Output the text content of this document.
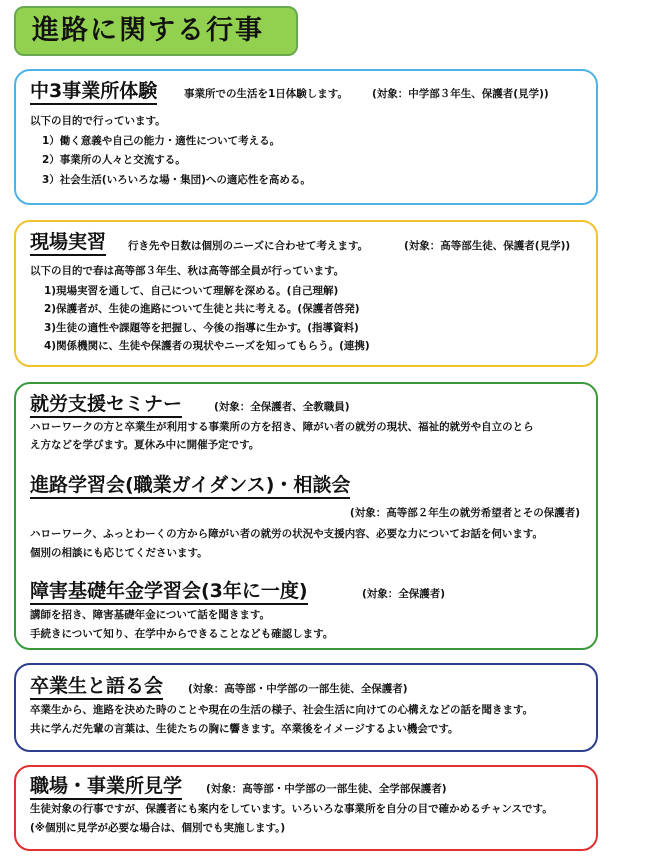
進路に関する行事
中3事業所体験	事業所での生活を1日体験します。 (対象：中学部３年生、保護者(見学))
以下の目的で行っています。
1）働く意義や自己の能力・適性について考える。
2）事業所の人々と交流する。
3）社会生活(いろいろな場・集団)への適応性を高める。
現場実習 行き先や日数は個別のニーズに合わせて考えます。	(対象：高等部生徒、保護者(見学))
以下の目的で春は高等部３年生、秋は高等部全員が行っています。
1)現場実習を通して、自己について理解を深める。(自己理解)
2)保護者が、生徒の進路について生徒と共に考える。(保護者啓発)
3)生徒の適性や課題等を把握し、今後の指導に生かす。(指導資料)
4)関係機関に、生徒や保護者の現状やニーズを知ってもらう。(連携)
就労支援セミナー	(対象：全保護者、全教職員)
ハローワークの方と卒業生が利用する事業所の方を招き、障がい者の就労の現状、福祉的就労や自立のとら
え方などを学びます。夏休み中に開催予定です。
進路学習会(職業ガイダンス)・相談会
(対象：高等部２年生の就労希望者とその保護者)
ハローワーク、ふっとわーくの方から障がい者の就労の状況や支援内容、必要な力についてお話を伺います。
個別の相談にも応じてくださいます。
障害基礎年金学習会(3年に一度)	(対象：全保護者)
講師を招き、障害基礎年金について話を聞きます。
手続きについて知り、在学中からできることなども確認します。
卒業生と語る会 (対象：高等部・中学部の一部生徒、全保護者)
卒業生から、進路を決めた時のことや現在の生活の様子、社会生活に向けての心構えなどの話を聞きます。
共に学んだ先輩の言葉は、生徒たちの胸に響きます。卒業後をイメージするよい機会です。
職場・事業所見学 (対象：高等部・中学部の一部生徒、全学部保護者)
生徒対象の行事ですが、保護者にも案内をしています。いろいろな事業所を自分の目で確かめるチャンスです。
(※個別に見学が必要な場合は、個別でも実施します。)
